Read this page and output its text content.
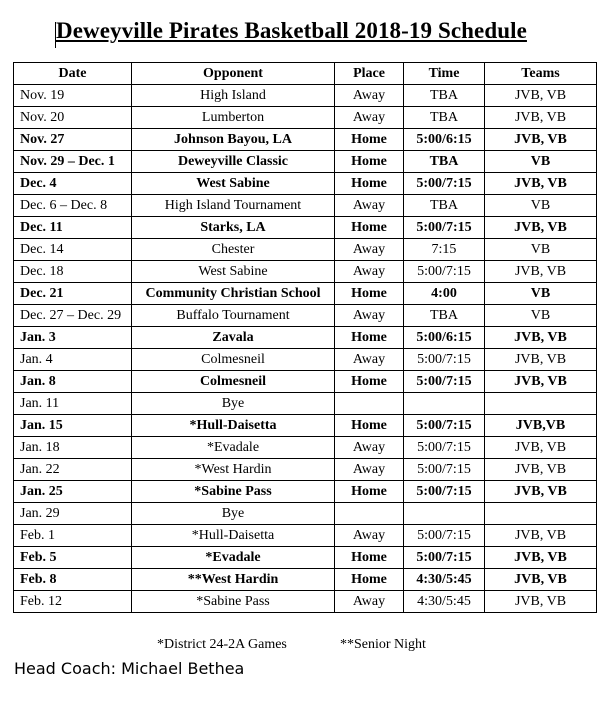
Deweyville Pirates Basketball 2018-19 Schedule
Date	Opponent	Place	Time	Teams
Nov. 19	High Island	Away	TBA	JVB, VB
Nov. 20	Lumberton	Away	TBA	JVB, VB
Nov. 27	Johnson Bayou, LA	Home	5:00/6:15	JVB, VB
Nov. 29 – Dec. 1	Deweyville Classic	Home	TBA	VB
Dec. 4	West Sabine	Home	5:00/7:15	JVB, VB
Dec. 6 – Dec. 8	High Island Tournament	Away	TBA	VB
Dec. 11	Starks, LA	Home	5:00/7:15	JVB, VB
Dec. 14	Chester	Away	7:15	VB
Dec. 18	West Sabine	Away	5:00/7:15	JVB, VB
Dec. 21	Community Christian School	Home	4:00	VB
Dec. 27 – Dec. 29	Buffalo Tournament	Away	TBA	VB
Jan. 3	Zavala	Home	5:00/6:15	JVB, VB
Jan. 4	Colmesneil	Away	5:00/7:15	JVB, VB
Jan. 8	Colmesneil	Home	5:00/7:15	JVB, VB
Jan. 11	Bye			
Jan. 15	*Hull-Daisetta	Home	5:00/7:15	JVB,VB
Jan. 18	*Evadale	Away	5:00/7:15	JVB, VB
Jan. 22	*West Hardin	Away	5:00/7:15	JVB, VB
Jan. 25	*Sabine Pass	Home	5:00/7:15	JVB, VB
Jan. 29	Bye			
Feb. 1	*Hull-Daisetta	Away	5:00/7:15	JVB, VB
Feb. 5	*Evadale	Home	5:00/7:15	JVB, VB
Feb. 8	**West Hardin	Home	4:30/5:45	JVB, VB
Feb. 12	*Sabine Pass	Away	4:30/5:45	JVB, VB
*District 24-2A Games	**Senior Night
Head Coach: Michael Bethea
